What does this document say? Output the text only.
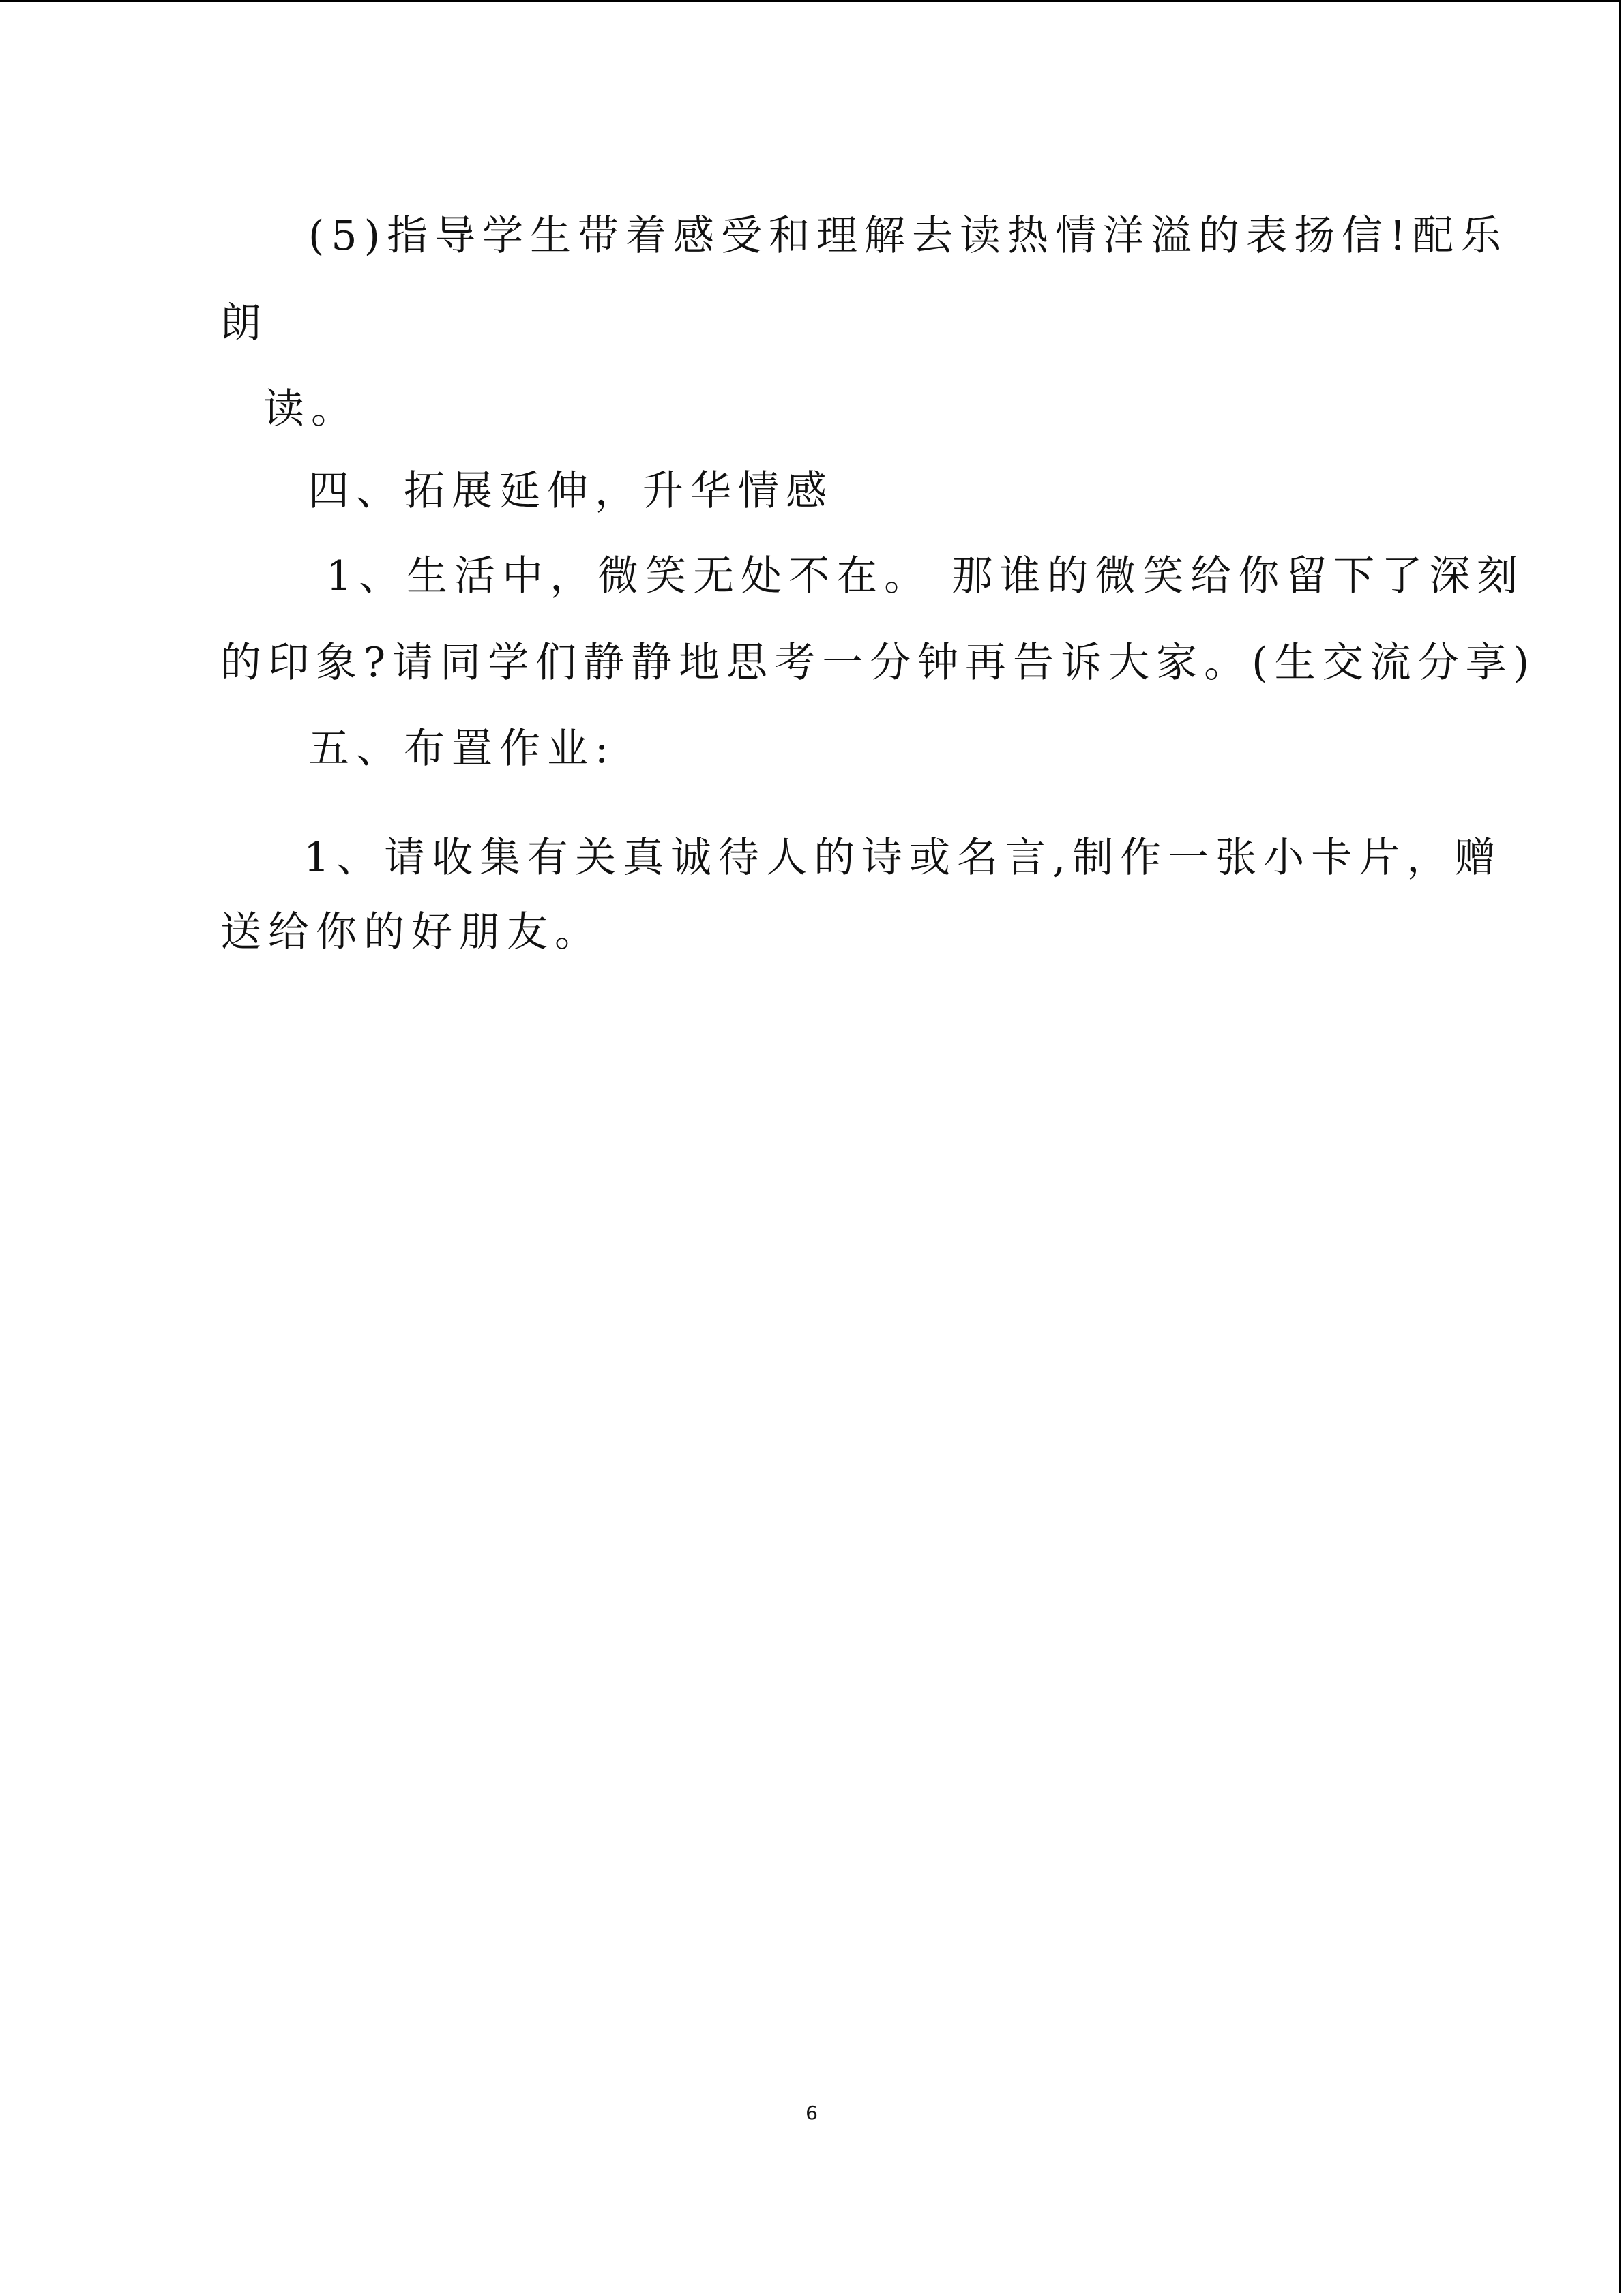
(5)指导学生带着感受和理解去读热情洋溢的表扬信!配乐
朗
读。
四、拓展延伸，升华情感
1、生活中，微笑无处不在。 那谁的微笑给你留下了深刻
的印象?请同学们静静地思考一分钟再告诉大家。(生交流分享)
五、布置作业:
1、请收集有关真诚待人的诗或名言,制作一张小卡片，赠
送给你的好朋友。
6
